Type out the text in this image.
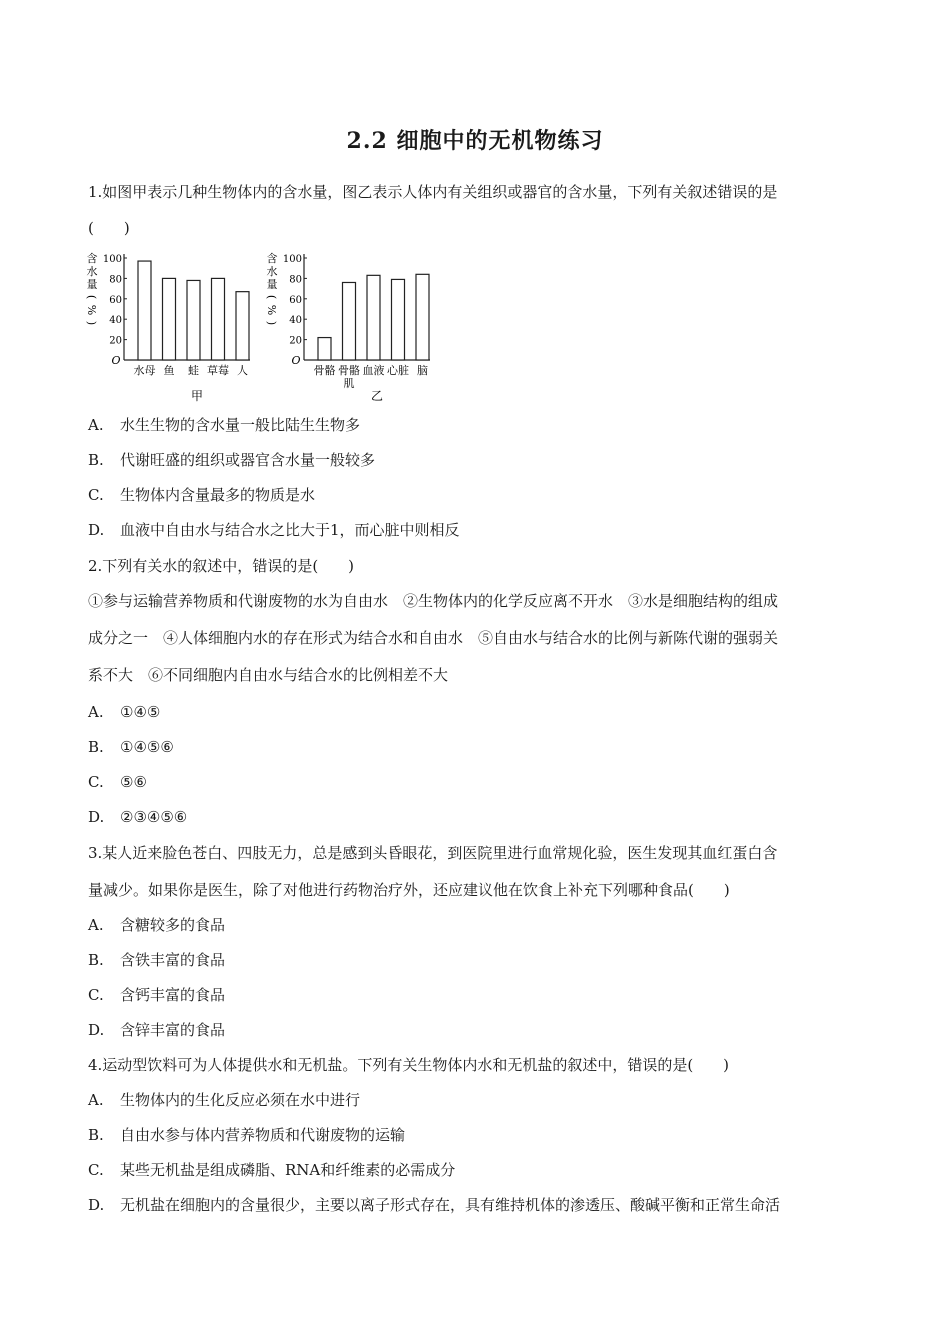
2.2 细胞中的无机物练习
1.如图甲表示几种生物体内的含水量，图乙表示人体内有关组织或器官的含水量，下列有关叙述错误的是
(　　)
含
水
量
(
%
)
O
20
40
60
80
100
水母 鱼 蛙 草莓 人
甲
含
水
量
(
%
)
O
20
40
60
80
100
骨骼 骨骼
肌
血液 心脏 脑
乙
A. 水生生物的含水量一般比陆生生物多
B. 代谢旺盛的组织或器官含水量一般较多
C. 生物体内含量最多的物质是水
D. 血液中自由水与结合水之比大于1，而心脏中则相反
2.下列有关水的叙述中，错误的是(　　)
①参与运输营养物质和代谢废物的水为自由水　②生物体内的化学反应离不开水　③水是细胞结构的组成
成分之一　④人体细胞内水的存在形式为结合水和自由水　⑤自由水与结合水的比例与新陈代谢的强弱关
系不大　⑥不同细胞内自由水与结合水的比例相差不大
A. ①④⑤
B. ①④⑤⑥
C. ⑤⑥
D. ②③④⑤⑥
3.某人近来脸色苍白、四肢无力，总是感到头昏眼花，到医院里进行血常规化验，医生发现其血红蛋白含
量减少。如果你是医生，除了对他进行药物治疗外，还应建议他在饮食上补充下列哪种食品(　　)
A. 含糖较多的食品
B. 含铁丰富的食品
C. 含钙丰富的食品
D. 含锌丰富的食品
4.运动型饮料可为人体提供水和无机盐。下列有关生物体内水和无机盐的叙述中，错误的是(　　)
A. 生物体内的生化反应必须在水中进行
B. 自由水参与体内营养物质和代谢废物的运输
C. 某些无机盐是组成磷脂、RNA和纤维素的必需成分
D. 无机盐在细胞内的含量很少，主要以离子形式存在，具有维持机体的渗透压、酸碱平衡和正常生命活
